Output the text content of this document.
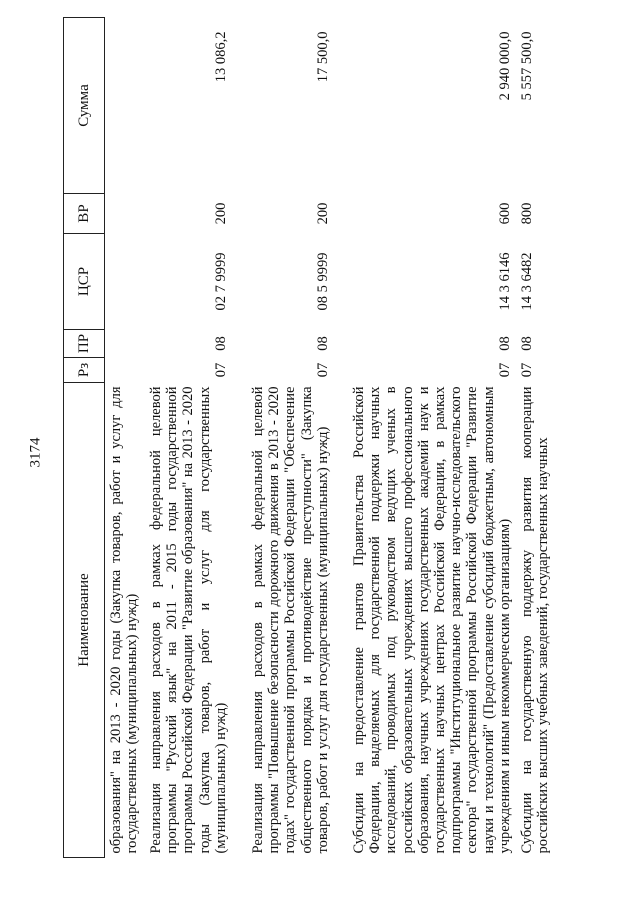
3174
Наименование	Рз	ПР	ЦСР	ВР	Сумма
образования" на 2013 - 2020 годы (Закупка товаров, работ и услуг для государственных (муниципальных) нужд)					
Реализация направления расходов в рамках федеральной целевой программы "Русский язык" на 2011 - 2015 годы государственной программы Российской Федерации "Развитие образования" на 2013 - 2020 годы (Закупка товаров, работ и услуг для государственных (муниципальных) нужд)	07	08	02 7 9999	200	13 086,2
Реализация направления расходов в рамках федеральной целевой программы "Повышение безопасности дорожного движения в 2013 - 2020 годах" государственной программы Российской Федерации "Обеспечение общественного порядка и противодействие преступности" (Закупка товаров, работ и услуг для государственных (муниципальных) нужд)	07	08	08 5 9999	200	17 500,0
Субсидии на предоставление грантов Правительства Российской Федерации, выделяемых для государственной поддержки научных исследований, проводимых под руководством ведущих ученых в российских образовательных учреждениях высшего профессионального образования, научных учреждениях государственных академий наук и государственных научных центрах Российской Федерации, в рамках подпрограммы "Институциональное развитие научно-исследовательского сектора" государственной программы Российской Федерации "Развитие науки и технологий" (Предоставление субсидий бюджетным, автономным учреждениям и иным некоммерческим организациям)	07	08	14 3 6146	600	2 940 000,0
Субсидии на государственную поддержку развития кооперации российских высших учебных заведений, государственных научных	07	08	14 3 6482	800	5 557 500,0
